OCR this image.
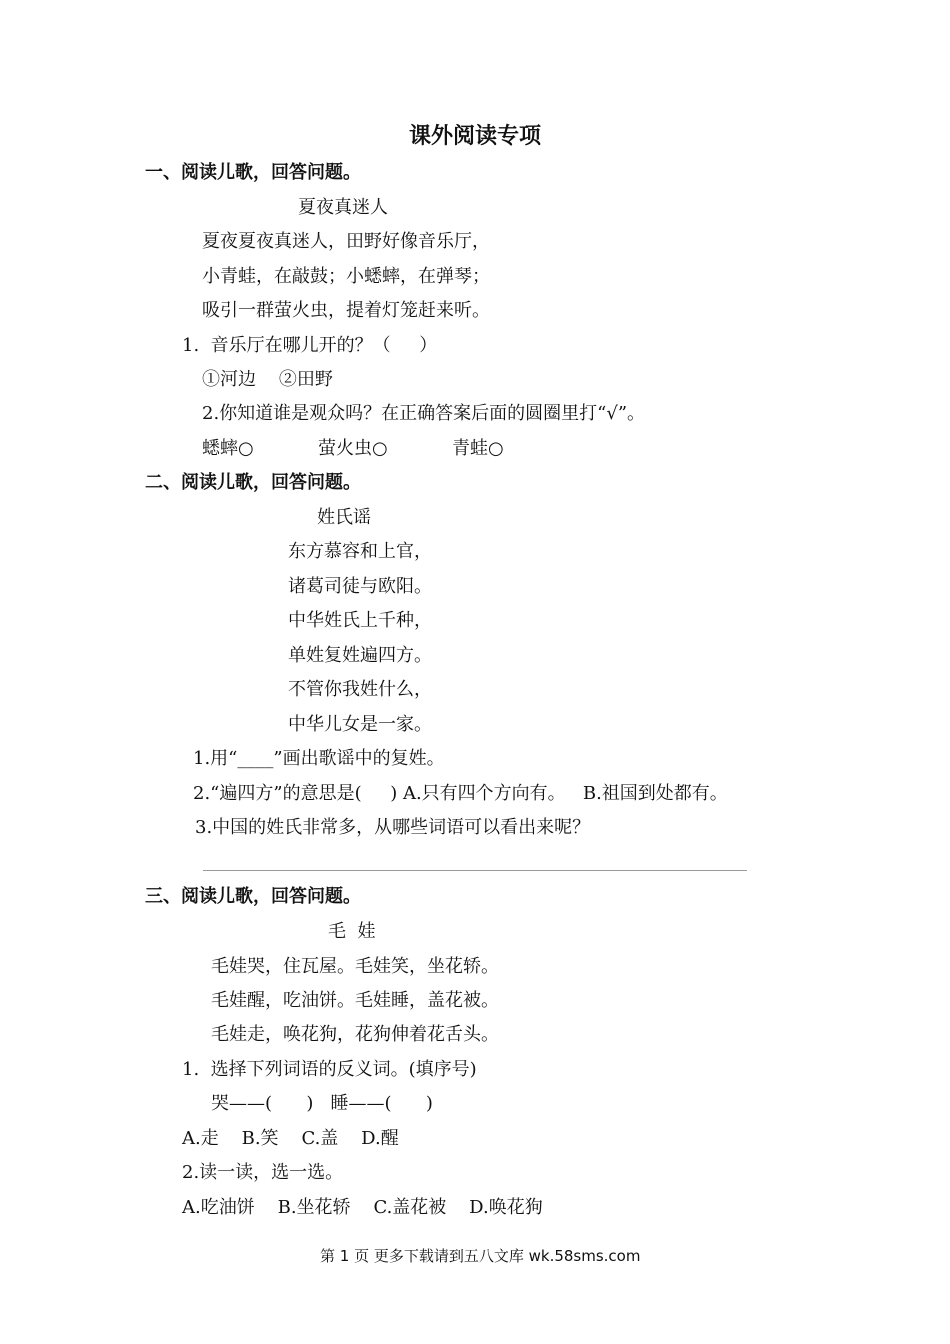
课外阅读专项
一、阅读儿歌，回答问题。
夏夜真迷人
夏夜夏夜真迷人，田野好像音乐厅，
小青蛙，在敲鼓；小蟋蟀，在弹琴；
吸引一群萤火虫，提着灯笼赶来听。
1.  音乐厅在哪儿开的？（     ）
①河边    ②田野
2.你知道谁是观众吗？在正确答案后面的圆圈里打“√”。
蟋蟀○	萤火虫○	青蛙○
二、阅读儿歌，回答问题。
姓氏谣
东方慕容和上官，
诸葛司徒与欧阳。
中华姓氏上千种，
单姓复姓遍四方。
不管你我姓什么，
中华儿女是一家。
1.用“____”画出歌谣中的复姓。
2.“遍四方”的意思是(     ) A.只有四个方向有。   B.祖国到处都有。
3.中国的姓氏非常多，从哪些词语可以看出来呢？
三、阅读儿歌，回答问题。
毛  娃
毛娃哭，住瓦屋。毛娃笑，坐花轿。
毛娃醒，吃油饼。毛娃睡，盖花被。
毛娃走，唤花狗，花狗伸着花舌头。
1.  选择下列词语的反义词。(填序号)
哭——(      )   睡——(      )
A.走    B.笑    C.盖    D.醒
2.读一读，选一选。
A.吃油饼    B.坐花轿    C.盖花被    D.唤花狗
第 1 页 更多下载请到五八文库 wk.58sms.com
